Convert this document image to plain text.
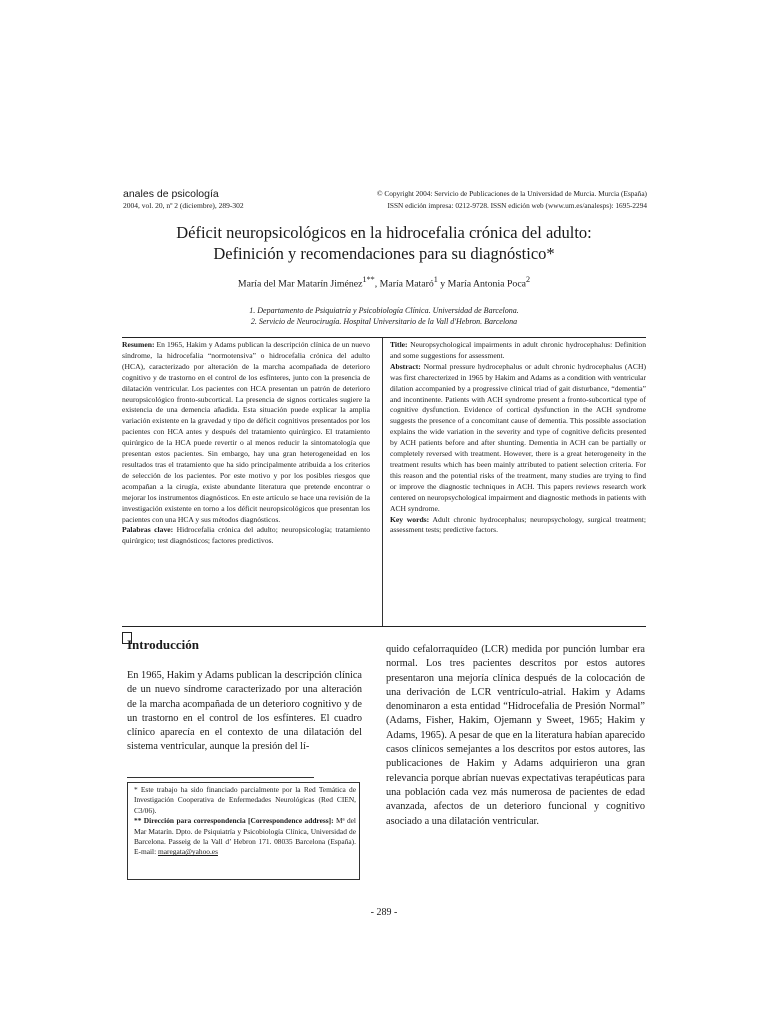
anales de psicología
2004, vol. 20, nº 2 (diciembre), 289-302
© Copyright 2004: Servicio de Publicaciones de la Universidad de Murcia. Murcia (España)
ISSN edición impresa: 0212-9728. ISSN edición web (www.um.es/analesps): 1695-2294
Déficit neuropsicológicos en la hidrocefalia crónica del adulto:
Definición y recomendaciones para su diagnóstico*
María del Mar Matarín Jiménez$^{1**}$, María Mataró$^1$ y María Antonia Poca$^2$
1. Departamento de Psiquiatría y Psicobiología Clínica. Universidad de Barcelona.
2. Servicio de Neurocirugía. Hospital Universitario de la Vall d'Hebron. Barcelona

Resumen: En 1965, Hakim y Adams publican la descripción clínica de un nuevo síndrome, la hidrocefalia “normotensiva” o hidrocefalia crónica del adulto (HCA), caracterizado por alteración de la marcha acompañada de deterioro cognitivo y de trastorno en el control de los esfínteres, junto con la presencia de dilatación ventricular. Los pacientes con HCA presentan un patrón de deterioro neuropsicológico fronto-subcortical. La presencia de signos corticales sugiere la existencia de una demencia añadida. Esta situación puede explicar la amplia variación existente en la gravedad y tipo de déficit cognitivos presentados por los pacientes con HCA antes y después del tratamiento quirúrgico. El tratamiento quirúrgico de la HCA puede revertir o al menos reducir la sintomatología que presentan estos pacientes. Sin embargo, hay una gran heterogeneidad en los resultados tras el tratamiento que ha sido principalmente atribuida a los criterios de selección de los pacientes. Por este motivo y por los posibles riesgos que acompañan a la cirugía, existe abundante literatura que pretende encontrar o mejorar los instrumentos diagnósticos. En este artículo se hace una revisión de la investigación existente en torno a los déficit neuropsicológicos que presentan los pacientes con una HCA y sus métodos diagnósticos.

Palabras clave: Hidrocefalia crónica del adulto; neuropsicología; tratamiento quirúrgico; test diagnósticos; factores predictivos.

Title: Neuropsychological impairments in adult chronic hydrocephalus: Definition and some suggestions for assessment.

Abstract: Normal pressure hydrocephalus or adult chronic hydrocephalus (ACH) was first charecterized in 1965 by Hakim and Adams as a condition with ventricular dilation accompanied by a progressive clinical triad of gait disturbance, “dementia” and incontinente. Patients with ACH syndrome present a fronto-subcortical type of cognitive dysfunction. Evidence of cortical dysfunction in the ACH syndrome suggests the presence of a concomitant cause of dementia. This possible association explains the wide variation in the severity and type of cognitive deficits presented by ACH patients before and after shunting. Dementia in ACH can be partially or completely reversed with treatment. However, there is a great heterogeneity in the treatment results which has been mainly attributed to patient selection criteria. For this reason and the potential risks of the treatment, many studies are trying to find or improve the diagnostic techniques in ACH. This papers reviews research work centered on neuropsychological impairment and diagnostic methods in patients with ACH syndrome.

Key words: Adult chronic hydrocephalus; neuropsychology, surgical treatment; assessment tests; predictive factors.

Introducción
En 1965, Hakim y Adams publican la descripción clínica de un nuevo síndrome caracterizado por una alteración de la marcha acompañada de un deterioro cognitivo y de un trastorno en el control de los esfínteres. El cuadro clínico aparecía en el contexto de una dilatación del sistema ventricular, aunque la presión del lí-
quido cefalorraquídeo (LCR) medida por punción lumbar era normal. Los tres pacientes descritos por estos autores presentaron una mejoría clínica después de la colocación de una derivación de LCR ventrículo-atrial. Hakim y Adams denominaron a esta entidad “Hidrocefalia de Presión Normal” (Adams, Fisher, Hakim, Ojemann y Sweet, 1965; Hakim y Adams, 1965). A pesar de que en la literatura habían aparecido casos clínicos semejantes a los descritos por estos autores, las publicaciones de Hakim y Adams adquirieron una gran relevancia porque abrían nuevas expectativas terapéuticas para una población cada vez más numerosa de pacientes de edad avanzada, afectos de un deterioro funcional y cognitivo asociado a una dilatación ventricular.

* Este trabajo ha sido financiado parcialmente por la Red Temática de Investigación Cooperativa de Enfermedades Neurológicas (Red CIEN, C3/06).

** Dirección para correspondencia [Correspondence address]: Mª del Mar Matarín. Dpto. de Psiquiatría y Psicobiología Clínica, Universidad de Barcelona. Passeig de la Vall d’ Hebron 171. 08035 Barcelona (España). E-mail: maregata@yahoo.es

- 289 -
